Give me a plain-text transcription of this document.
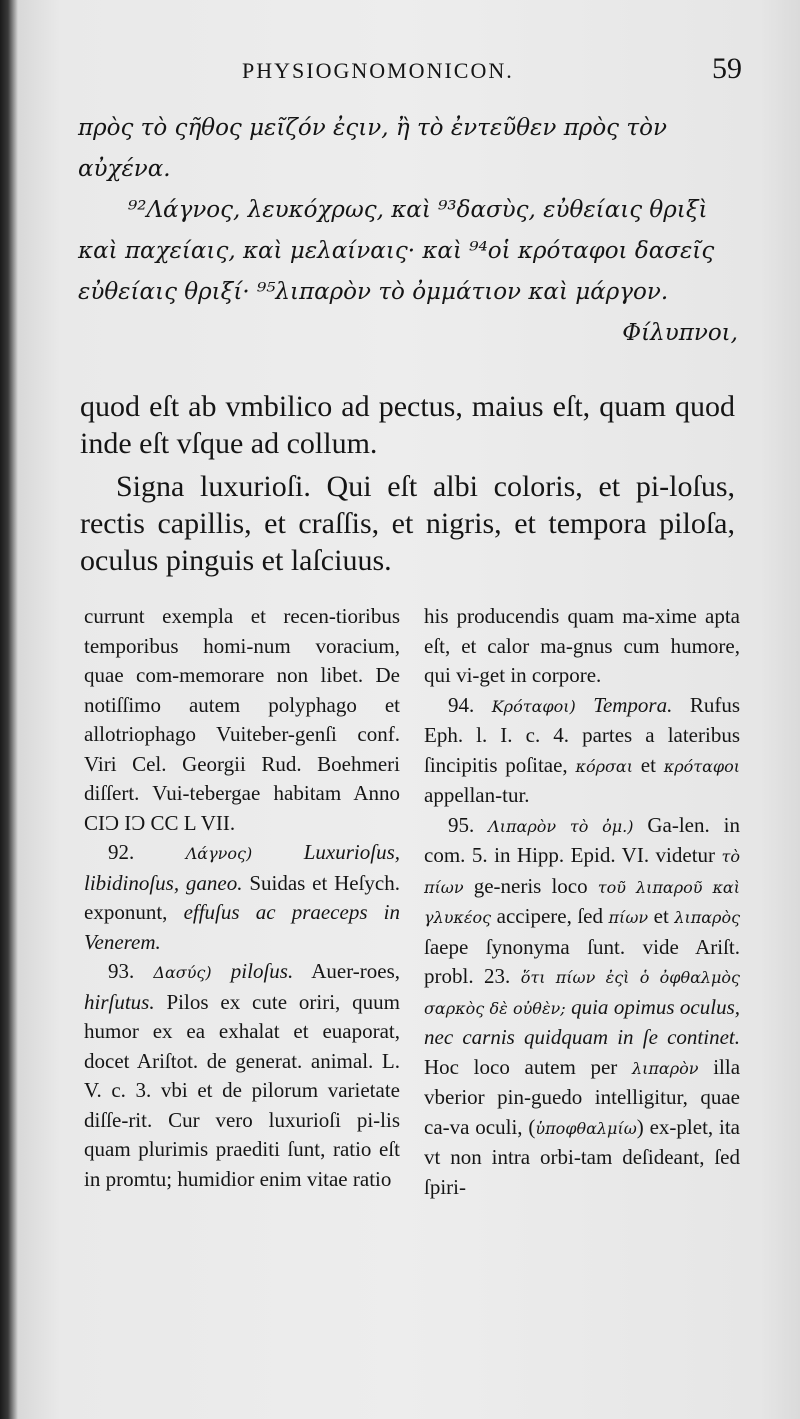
PHYSIOGNOMONICON.	59

πρὸς τὸ ςῆθος μεῖζόν ἐςιν, ἢ τὸ ἐντεῦθεν πρὸς τὸν αὐχένα.

⁹²Λάγνος, λευκόχρως, καὶ ⁹³δασὺς, εὐθείαις θριξὶ καὶ παχείαις, καὶ μελαίναις· καὶ ⁹⁴οἱ κρόταφοι δασεῖς εὐθείαις θριξί· ⁹⁵λιπαρὸν τὸ ὀμμάτιον καὶ μάργον.

Φίλυπνοι,

quod eſt ab vmbilico ad pectus, maius eſt, quam quod inde eſt vſque ad collum.

Signa luxurioſi. Qui eſt albi coloris, et pi-loſus, rectis capillis, et craſſis, et nigris, et tempora piloſa, oculus pinguis et laſciuus.

currunt exempla et recen-tioribus temporibus homi-num voracium, quae com-memorare non libet. De notiſſimo autem polyphago et allotriophago Vuiteber-genſi conf. Viri Cel. Georgii Rud. Boehmeri diſſert. Vui-tebergae habitam Anno CIƆ IƆ CC L VII.

92.	Λάγνος) Luxurioſus, libidinoſus, ganeo. Suidas et Heſych. exponunt, effuſus ac praeceps in Venerem.

93. Δασύς) piloſus. Auer-roes, hirſutus. Pilos ex cute oriri, quum humor ex ea exhalat et euaporat, docet Ariſtot. de generat. animal. L. V. c. 3. vbi et de pilorum varietate diſſe-rit. Cur vero luxurioſi pi-lis quam plurimis praediti ſunt, ratio eſt in promtu; humidior enim vitae ratio

his producendis quam ma-xime apta eſt, et calor ma-gnus cum humore, qui vi-get in corpore.

94. Κρόταφοι) Tempora. Rufus Eph. l. I. c. 4. partes a lateribus ſincipitis poſitae, κόρσαι et κρόταφοι appellan-tur.

95. Λιπαρὸν τὸ ὀμ.) Ga-len. in com. 5. in Hipp. Epid. VI. videtur τὸ πίων ge-neris loco τοῦ λιπαροῦ καὶ γλυκέος accipere, ſed πίων et λιπαρὸς ſaepe ſynonyma ſunt. vide Ariſt. probl. 23. ὅτι πίων ἐςὶ ὁ ὀφθαλμὸς σαρκὸς δὲ οὐθὲν; quia opimus oculus, nec carnis quidquam in ſe continet. Hoc loco autem per λιπαρὸν illa vberior pin-guedo intelligitur, quae ca-va oculi, (ὑποφθαλμίω) ex-plet, ita vt non intra orbi-tam deſideant, ſed ſpiri-
